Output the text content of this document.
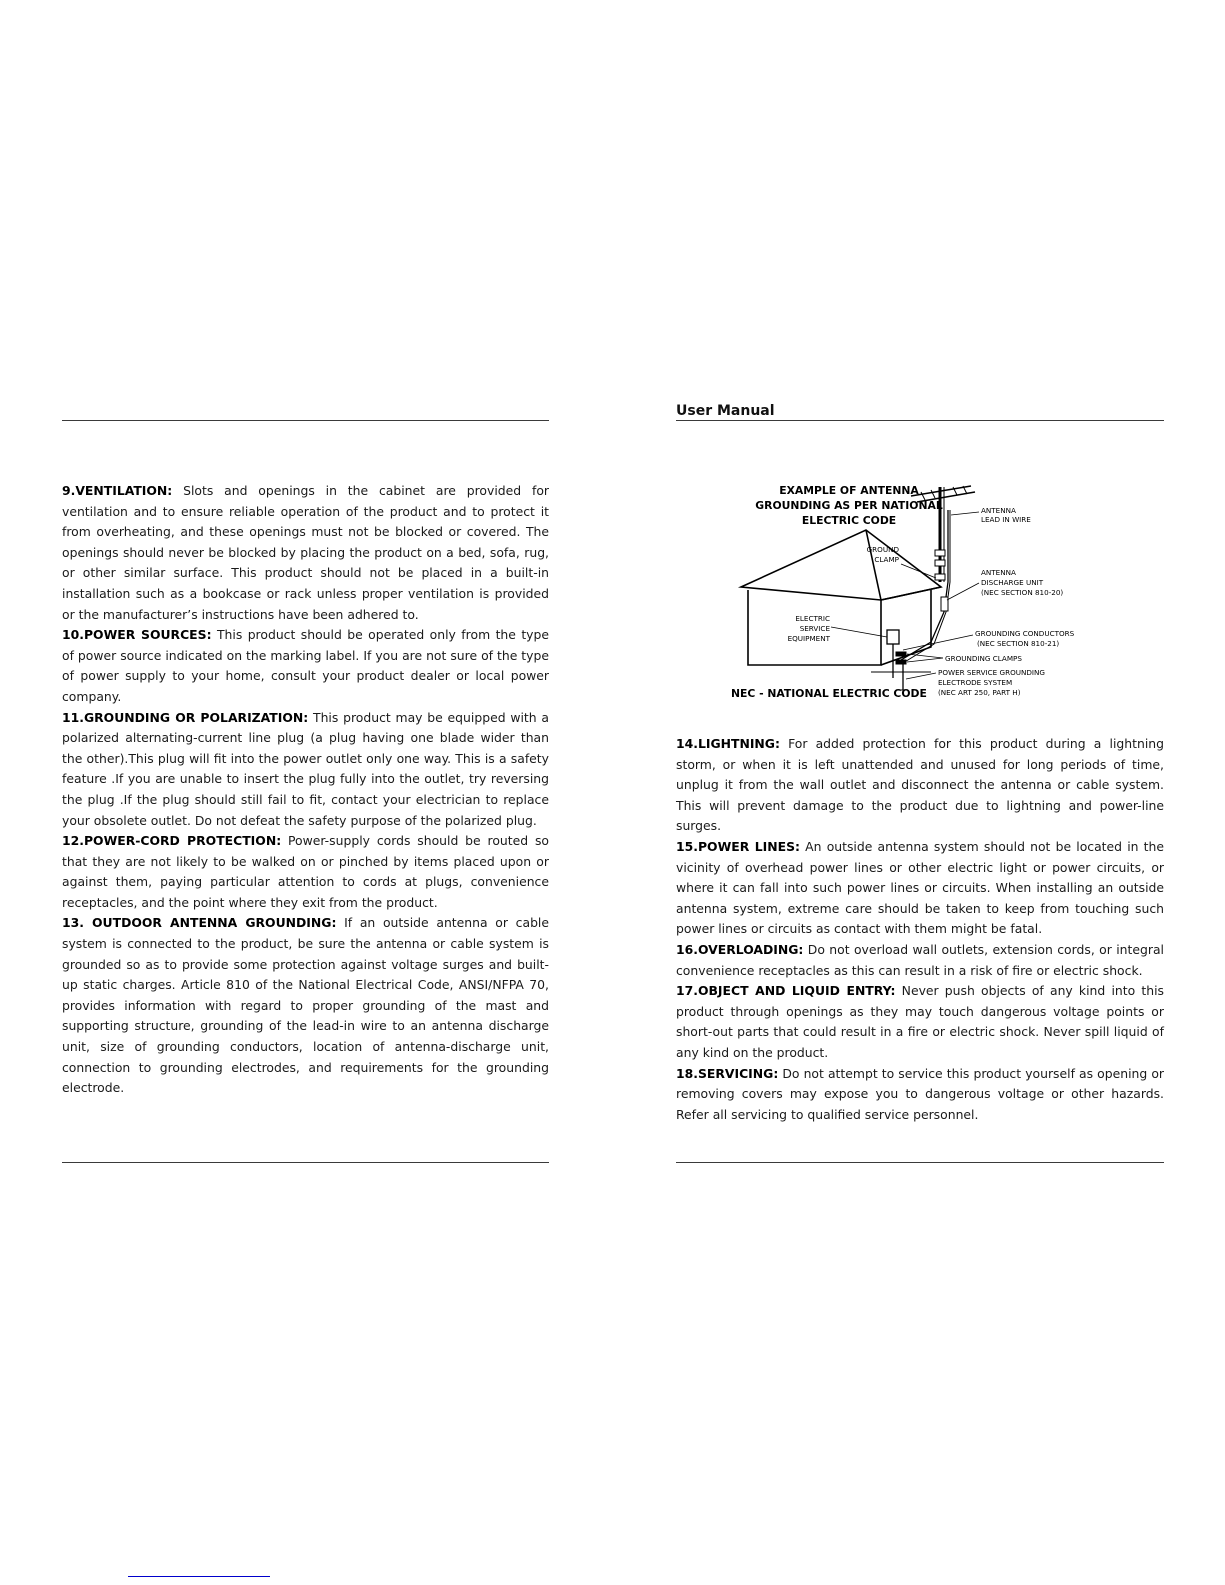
9.VENTILATION: Slots and openings in the cabinet are provided for ventilation and to ensure reliable operation of the product and to protect it from overheating, and these openings must not be blocked or covered. The openings should never be blocked by placing the product on a bed, sofa, rug, or other similar surface. This product should not be placed in a built-in installation such as a bookcase or rack unless proper ventilation is provided or the manufacturer’s instructions have been adhered to.

10.POWER SOURCES: This product should be operated only from the type of power source indicated on the marking label. If you are not sure of the type of power supply to your home, consult your product dealer or local power company.

11.GROUNDING OR POLARIZATION: This product may be equipped with a polarized alternating-current line plug (a plug having one blade wider than the other).This plug will fit into the power outlet only one way. This is a safety feature .If you are unable to insert the plug fully into the outlet, try reversing the plug .If the plug should still fail to fit, contact your electrician to replace your obsolete outlet. Do not defeat the safety purpose of the polarized plug.

12.POWER-CORD PROTECTION: Power-supply cords should be routed so that they are not likely to be walked on or pinched by items placed upon or against them, paying particular attention to cords at plugs, convenience receptacles, and the point where they exit from the product.

13. OUTDOOR ANTENNA GROUNDING: If an outside antenna or cable system is connected to the product, be sure the antenna or cable system is grounded so as to provide some protection against voltage surges and built-up static charges. Article 810 of the National Electrical Code, ANSI/NFPA 70, provides information with regard to proper grounding of the mast and supporting structure, grounding of the lead-in wire to an antenna discharge unit, size of grounding conductors, location of antenna-discharge unit, connection to grounding electrodes, and requirements for the grounding electrode.

User Manual
EXAMPLE OF ANTENNA
GROUNDING AS PER NATIONAL
ELECTRIC CODE
ANTENNA
LEAD IN WIRE
GROUND
CLAMP
ANTENNA
DISCHARGE UNIT
(NEC SECTION 810-20)
ELECTRIC
SERVICE
EQUIPMENT
GROUNDING CONDUCTORS
(NEC SECTION 810-21)
GROUNDING CLAMPS
POWER SERVICE GROUNDING
ELECTRODE SYSTEM
(NEC ART 250, PART H)
NEC - NATIONAL ELECTRIC CODE

14.LIGHTNING: For added protection for this product during a lightning storm, or when it is left unattended and unused for long periods of time, unplug it from the wall outlet and disconnect the antenna or cable system. This will prevent damage to the product due to lightning and power-line surges.

15.POWER LINES: An outside antenna system should not be located in the vicinity of overhead power lines or other electric light or power circuits, or where it can fall into such power lines or circuits. When installing an outside antenna system, extreme care should be taken to keep from touching such power lines or circuits as contact with them might be fatal.

16.OVERLOADING: Do not overload wall outlets, extension cords, or integral convenience receptacles as this can result in a risk of fire or electric shock.

17.OBJECT AND LIQUID ENTRY: Never push objects of any kind into this product through openings as they may touch dangerous voltage points or short-out parts that could result in a fire or electric shock. Never spill liquid of any kind on the product.

18.SERVICING: Do not attempt to service this product yourself as opening or removing covers may expose you to dangerous voltage or other hazards. Refer all servicing to qualified service personnel.
